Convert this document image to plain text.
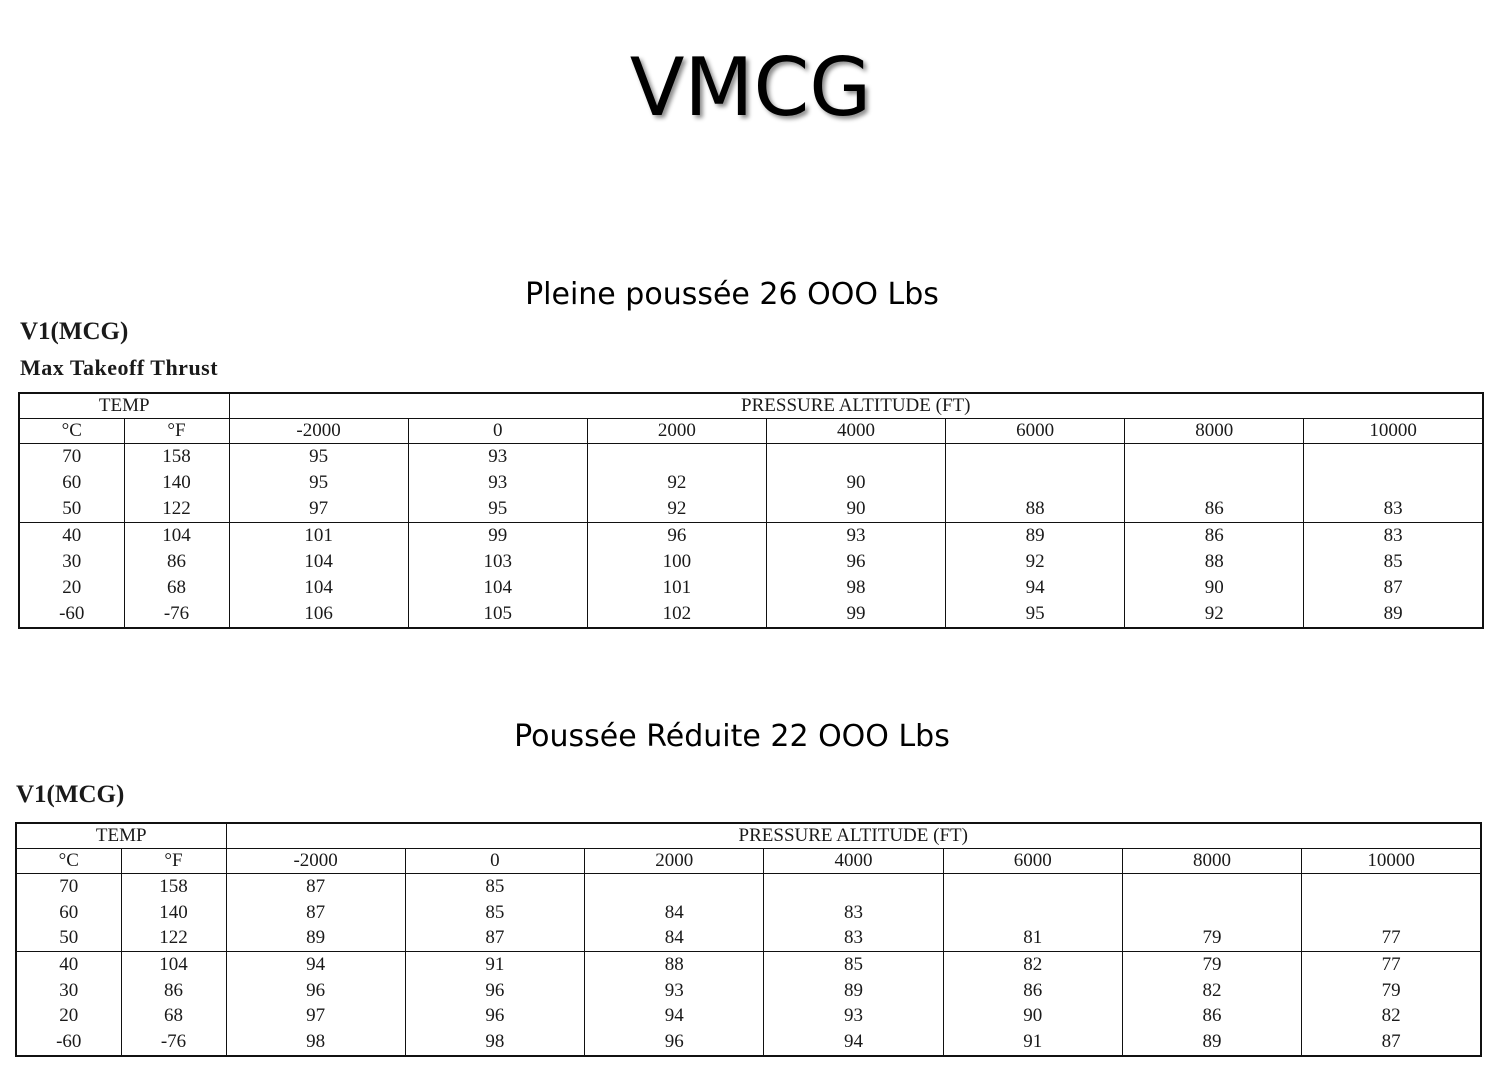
VMCG
Pleine poussée 26 OOO Lbs
V1(MCG)
Max Takeoff Thrust
TEMP		PRESSURE ALTITUDE (FT)						
°C	°F	-2000	0	2000	4000	6000	8000	10000
70	158	95	93					
60	140	95	93	92	90			
50	122	97	95	92	90	88	86	83
40	104	101	99	96	93	89	86	83
30	86	104	103	100	96	92	88	85
20	68	104	104	101	98	94	90	87
-60	-76	106	105	102	99	95	92	89
Poussée Réduite 22 OOO Lbs
V1(MCG)
TEMP		PRESSURE ALTITUDE (FT)						
°C	°F	-2000	0	2000	4000	6000	8000	10000
70	158	87	85					
60	140	87	85	84	83			
50	122	89	87	84	83	81	79	77
40	104	94	91	88	85	82	79	77
30	86	96	96	93	89	86	82	79
20	68	97	96	94	93	90	86	82
-60	-76	98	98	96	94	91	89	87
